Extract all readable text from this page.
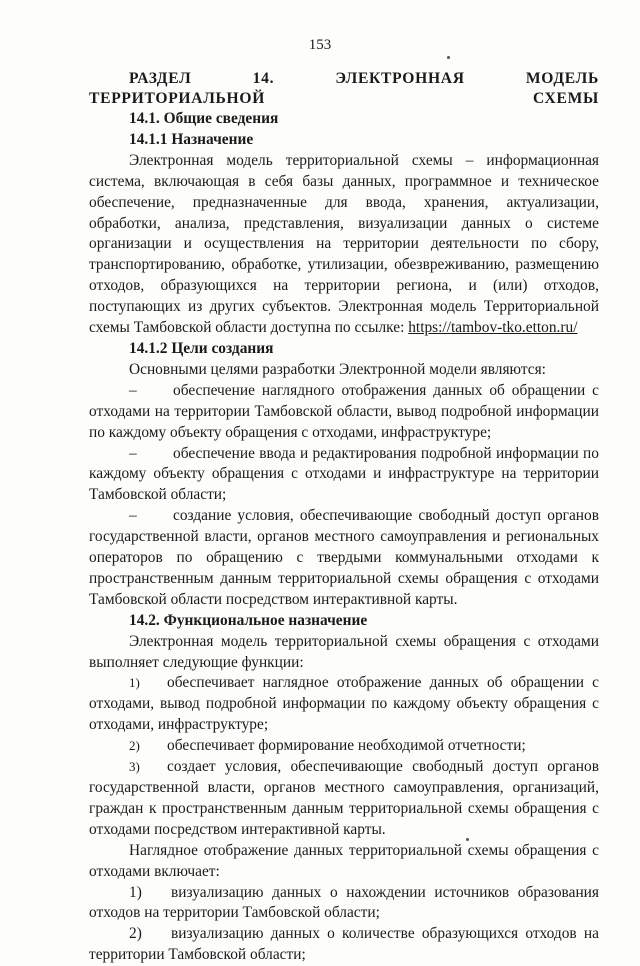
153

РАЗДЕЛ 14. ЭЛЕКТРОННАЯ МОДЕЛЬ ТЕРРИТОРИАЛЬНОЙ СХЕМЫ

14.1. Общие сведения

14.1.1 Назначение

Электронная модель территориальной схемы – информационная

система, включающая в себя базы данных, программное и техническое

обеспечение, предназначенные для ввода, хранения, актуализации,

обработки, анализа, представления, визуализации данных о системе

организации и осуществления на территории деятельности по сбору,

транспортированию, обработке, утилизации, обезвреживанию, размещению

отходов, образующихся на территории региона, и (или) отходов,

поступающих из других субъектов. Электронная модель Территориальной

схемы Тамбовской области доступна по ссылке: https://tambov-tko.etton.ru/

14.1.2 Цели создания

Основными целями разработки Электронной модели являются:

– обеспечение наглядного отображения данных об обращении с

отходами на территории Тамбовской области, вывод подробной информации

по каждому объекту обращения с отходами, инфраструктуре;

– обеспечение ввода и редактирования подробной информации по

каждому объекту обращения с отходами и инфраструктуре на территории

Тамбовской области;

– создание условия, обеспечивающие свободный доступ органов

государственной власти, органов местного самоуправления и региональных

операторов по обращению с твердыми коммунальными отходами к

пространственным данным территориальной схемы обращения с отходами

Тамбовской области посредством интерактивной карты.

14.2. Функциональное назначение

Электронная модель территориальной схемы обращения с отходами

выполняет следующие функции:

1) обеспечивает наглядное отображение данных об обращении с

отходами, вывод подробной информации по каждому объекту обращения с

отходами, инфраструктуре;

2) обеспечивает формирование необходимой отчетности;

3) создает условия, обеспечивающие свободный доступ органов

государственной власти, органов местного самоуправления, организаций,

граждан к пространственным данным территориальной схемы обращения с

отходами посредством интерактивной карты.

Наглядное отображение данных территориальной схемы обращения с

отходами включает:

1) визуализацию данных о нахождении источников образования

отходов на территории Тамбовской области;

2) визуализацию данных о количестве образующихся отходов на

территории Тамбовской области;
